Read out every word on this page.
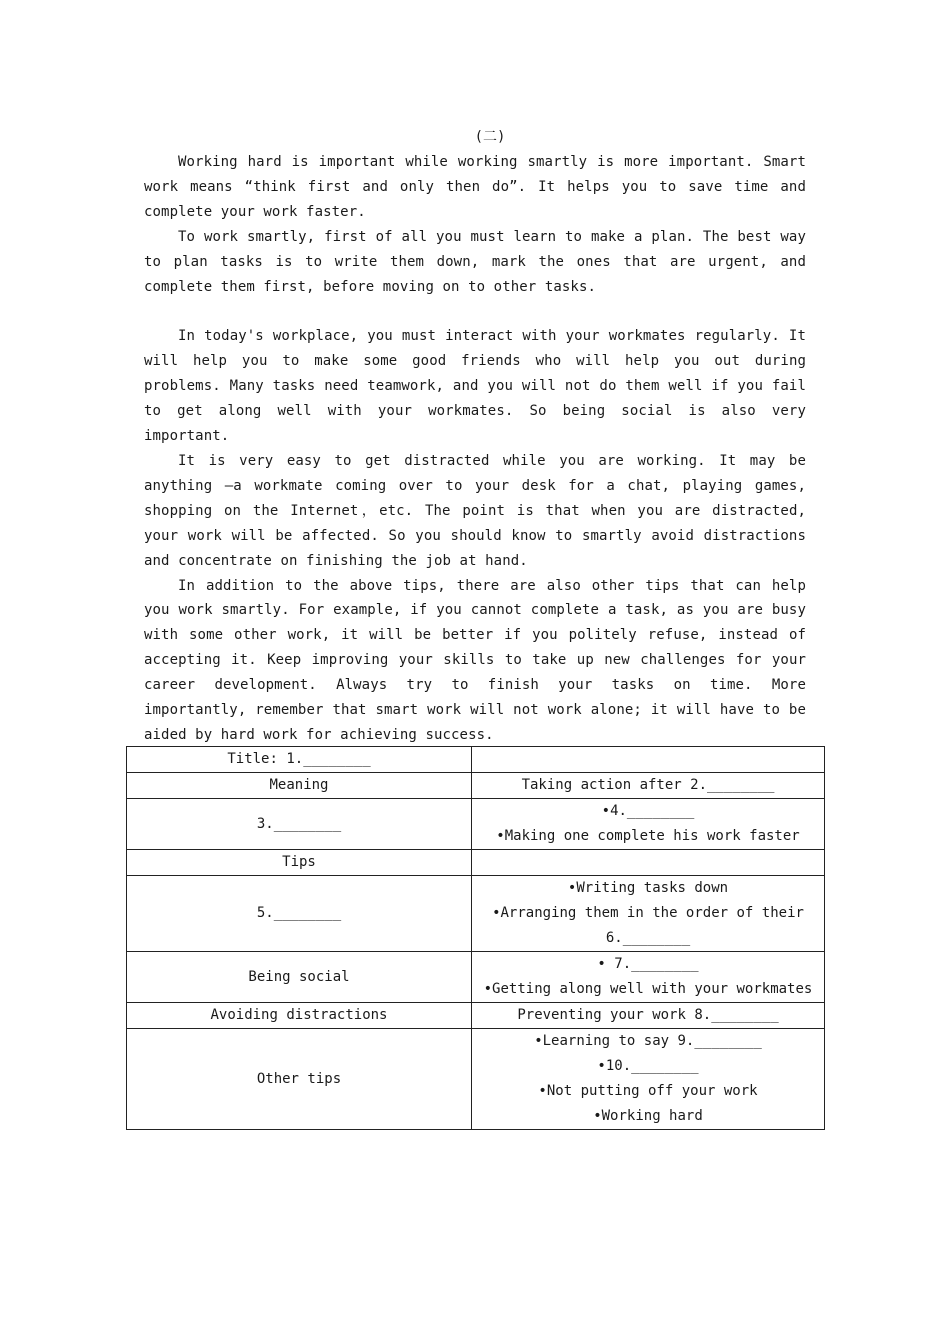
(二)

Working hard is important while working smartly is more important. Smart work means “think first and only then do”. It helps you to save time and complete your work faster.

To work smartly, first of all you must learn to make a plan. The best way to plan tasks is to write them down, mark the ones that are urgent, and complete them first, before moving on to other tasks.

In today's workplace, you must interact with your workmates regularly. It will help you to make some good friends who will help you out during problems. Many tasks need teamwork, and you will not do them well if you fail to get along well with your workmates. So being social is also very important.

It is very easy to get distracted while you are working. It may be anything —a workmate coming over to your desk for a chat, playing games, shopping on the Internet，etc. The point is that when you are distracted, your work will be affected. So you should know to smartly avoid distractions and concentrate on finishing the job at hand.

In addition to the above tips, there are also other tips that can help you work smartly. For example, if you cannot complete a task, as you are busy with some other work, it will be better if you politely refuse, instead of accepting it. Keep improving your skills to take up new challenges for your career development. Always try to finish your tasks on time. More importantly, remember that smart work will not work alone; it will have to be aided by hard work for achieving success.

Title: 1.________	

Meaning	Taking action after 2.________

3.________	•4.________
•Making one complete his work faster

Tips	

5.________	•Writing tasks down
•Arranging them in the order of their
6.________

Being social	• 7.________
•Getting along well with your workmates

Avoiding distractions	Preventing your work 8.________

Other tips	•Learning to say 9.________
•10.________
•Not putting off your work
•Working hard
